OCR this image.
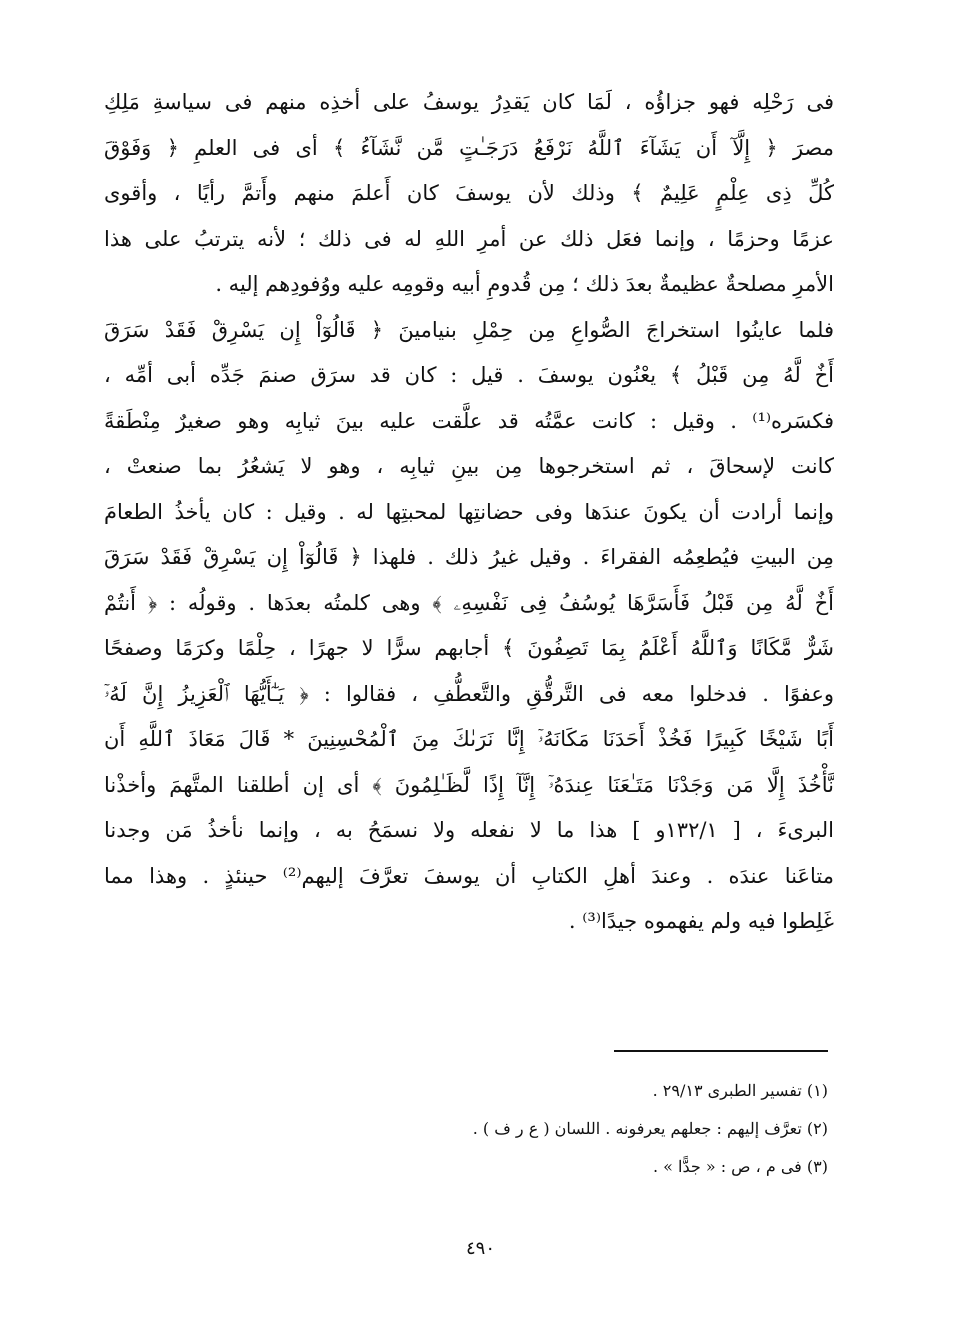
فى رَحْلِه فهو جزاؤُه ، لَمَا كان يَقدِرُ يوسفُ على أخذِه منهم فى سياسةِ مَلِكِ
مصرَ ﴿ إِلَّآ أَن يَشَآءَ ٱللَّهُ نَرْفَعُ دَرَجَـٰتٍ مَّن نَّشَآءُ ﴾ أى فى العلمِ ﴿ وَفَوْقَ
كُلِّ ذِى عِلْمٍ عَلِيمٌ ﴾ وذلك لأن يوسفَ كان أَعلمَ منهم وأَتمَّ رأيًا ، وأقوى
عزمًا وحزمًا ، وإنما فعَل ذلك عن أمرِ اللهِ له فى ذلك ؛ لأنه يترتبُ على هذا
الأمرِ مصلحةٌ عظيمةٌ بعدَ ذلك ؛ مِن قُدومِ أبيه وقومِه عليه ووُفودِهم إليه .
فلما عاينُوا استخراجَ الصُّواعِ مِن حِمْلِ بنيامينَ ﴿ قَالُوٓاْ إِن يَسْرِقْ فَقَدْ سَرَقَ
أَخٌ لَّهُ مِن قَبْلُ ﴾ يعْنُون يوسفَ . قيل : كان قد سرَق صنمَ جَدِّه أبى أمِّه ،
فكسَره⁽¹⁾ . وقيل : كانت عمَّتُه قد علَّقت عليه بينَ ثيابِه وهو صغيرٌ مِنْطَقةً
كانت لإسحاقَ ، ثم استخرجوها مِن بينِ ثيابِه ، وهو لا يَشعُرُ بما صنعتْ ،
وإنما أرادت أن يكونَ عندَها وفى حضانتِها لمحبتِها له . وقيل : كان يأخذُ الطعامَ
مِن البيتِ فيُطعِمُه الفقراءَ . وقيل غيرُ ذلك . فلهذا ﴿ قَالُوٓاْ إِن يَسْرِقْ فَقَدْ سَرَقَ
أَخٌ لَّهُ مِن قَبْلُ فَأَسَرَّهَا يُوسُفُ فِى نَفْسِهِۦ ﴾ وهى كلمتُه بعدَها . وقولُه : ﴿ أَنتُمْ
شَرٌّ مَّكَانًا وَٱللَّهُ أَعْلَمُ بِمَا تَصِفُونَ ﴾ أجابهم سرًّا لا جهرًا ، حِلْمًا وكرَمًا وصفحًا
وعفوًا . فدخلوا معه فى التَّرقُّقِ والتَّعطُّفِ ، فقالوا : ﴿ يَـٰٓأَيُّهَا ٱلْعَزِيزُ إِنَّ لَهُۥٓ
أَبًا شَيْخًا كَبِيرًا فَخُذْ أَحَدَنَا مَكَانَهُۥٓ إِنَّا نَرَىٰكَ مِنَ ٱلْمُحْسِنِينَ * قَالَ مَعَاذَ ٱللَّهِ أَن
نَّأْخُذَ إِلَّا مَن وَجَدْنَا مَتَـٰعَنَا عِندَهُۥٓ إِنَّآ إِذًا لَّظَـٰلِمُونَ ﴾ أى إن أطلقنا المتَّهمَ وأخذْنا
البرىءَ ، [ ١٣٢/١و ] هذا ما لا نفعله ولا نسمَحُ به ، وإنما نأخذُ مَن وجدنا
متاعَنا عندَه . وعندَ أهلِ الكتابِ أن يوسفَ تعرَّفَ إليهم⁽²⁾ حينئذٍ . وهذا مما
غَلِطوا فيه ولم يفهموه جيدًا⁽³⁾ .
(١) تفسير الطبرى ٢٩/١٣ .
(٢) تعرَّف إليهم : جعلهم يعرفونه . اللسان ( ع ر ف ) .
(٣) فى م ، ص : « جدًّا » .
٤٩٠
